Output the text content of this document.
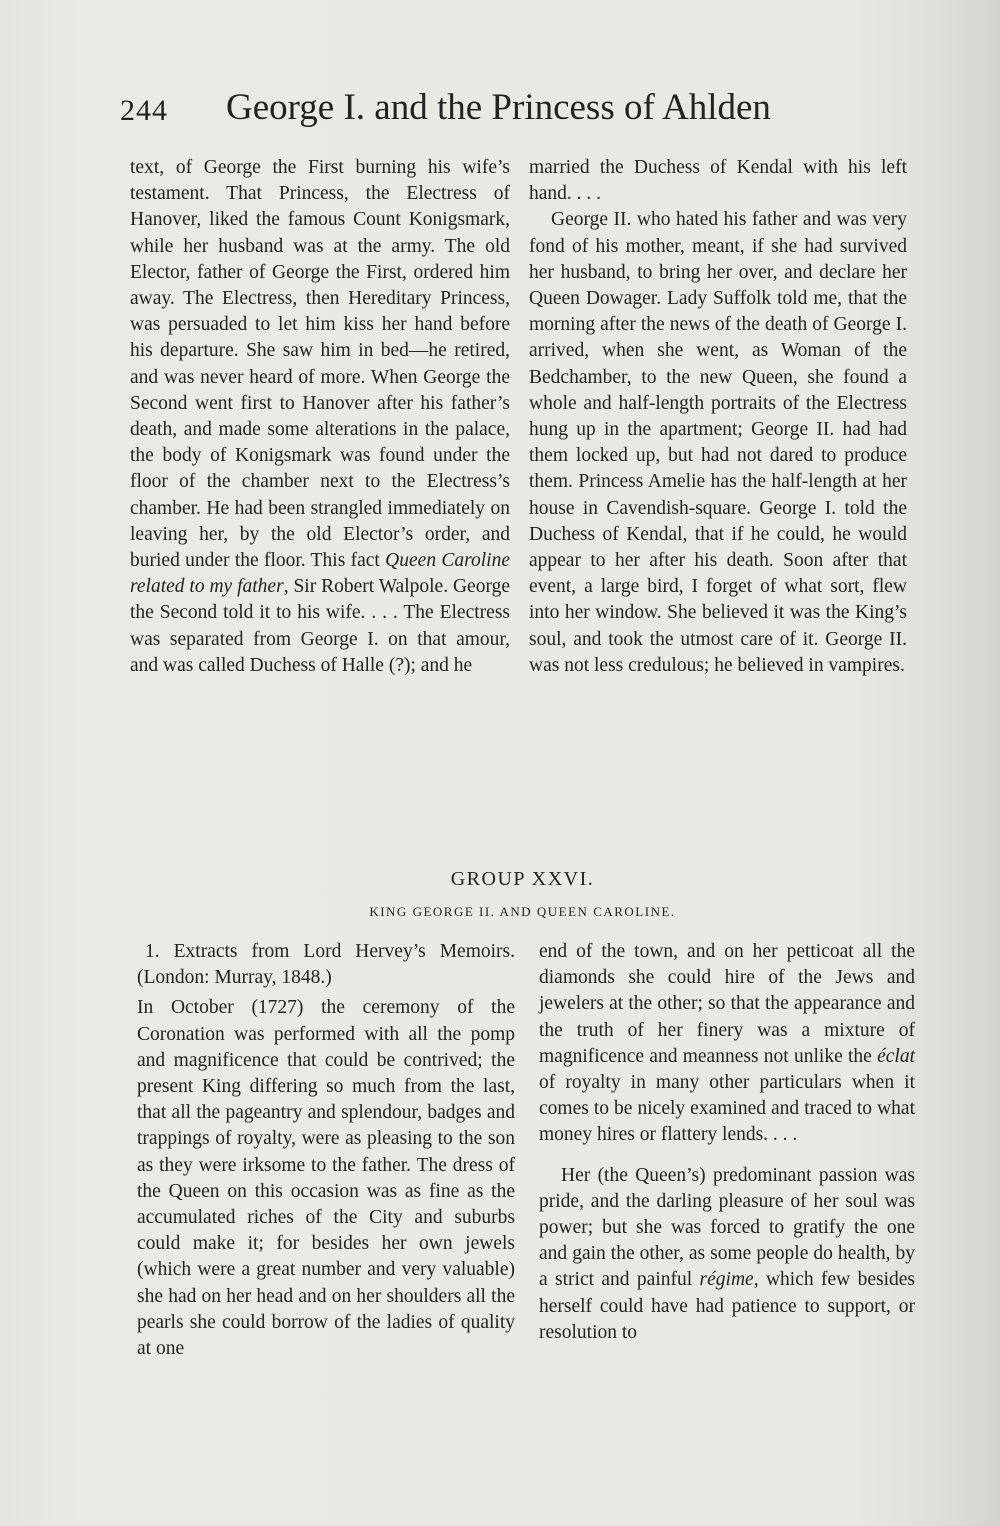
244 George I. and the Princess of Ahlden

text, of George the First burning his wife’s testament. That Princess, the Electress of Hanover, liked the famous Count Konigsmark, while her husband was at the army. The old Elector, father of George the First, ordered him away. The Electress, then Hereditary Princess, was persuaded to let him kiss her hand before his departure. She saw him in bed—he retired, and was never heard of more. When George the Second went first to Hanover after his father’s death, and made some alterations in the palace, the body of Konigsmark was found under the floor of the chamber next to the Electress’s chamber. He had been strangled immediately on leaving her, by the old Elector’s order, and buried under the floor. This fact Queen Caroline related to my father, Sir Robert Walpole. George the Second told it to his wife. . . . The Electress was separated from George I. on that amour, and was called Duchess of Halle (?); and he

married the Duchess of Kendal with his left hand. . . .

George II. who hated his father and was very fond of his mother, meant, if she had survived her husband, to bring her over, and declare her Queen Dowager. Lady Suffolk told me, that the morning after the news of the death of George I. arrived, when she went, as Woman of the Bedchamber, to the new Queen, she found a whole and half-length portraits of the Electress hung up in the apartment; George II. had had them locked up, but had not dared to produce them. Princess Amelie has the half-length at her house in Cavendish-square. George I. told the Duchess of Kendal, that if he could, he would appear to her after his death. Soon after that event, a large bird, I forget of what sort, flew into her window. She believed it was the King’s soul, and took the utmost care of it. George II. was not less credulous; he believed in vampires.

GROUP XXVI.
KING GEORGE II. AND QUEEN CAROLINE.

1. Extracts from Lord Hervey’s Memoirs. (London: Murray, 1848.)

In October (1727) the ceremony of the Coronation was performed with all the pomp and magnificence that could be contrived; the present King differing so much from the last, that all the pageantry and splendour, badges and trappings of royalty, were as pleasing to the son as they were irksome to the father. The dress of the Queen on this occasion was as fine as the accumulated riches of the City and suburbs could make it; for besides her own jewels (which were a great number and very valuable) she had on her head and on her shoulders all the pearls she could borrow of the ladies of quality at one

end of the town, and on her petticoat all the diamonds she could hire of the Jews and jewelers at the other; so that the appearance and the truth of her finery was a mixture of magnificence and meanness not unlike the éclat of royalty in many other particulars when it comes to be nicely examined and traced to what money hires or flattery lends. . . .

Her (the Queen’s) predominant passion was pride, and the darling pleasure of her soul was power; but she was forced to gratify the one and gain the other, as some people do health, by a strict and painful régime, which few besides herself could have had patience to support, or resolution to
